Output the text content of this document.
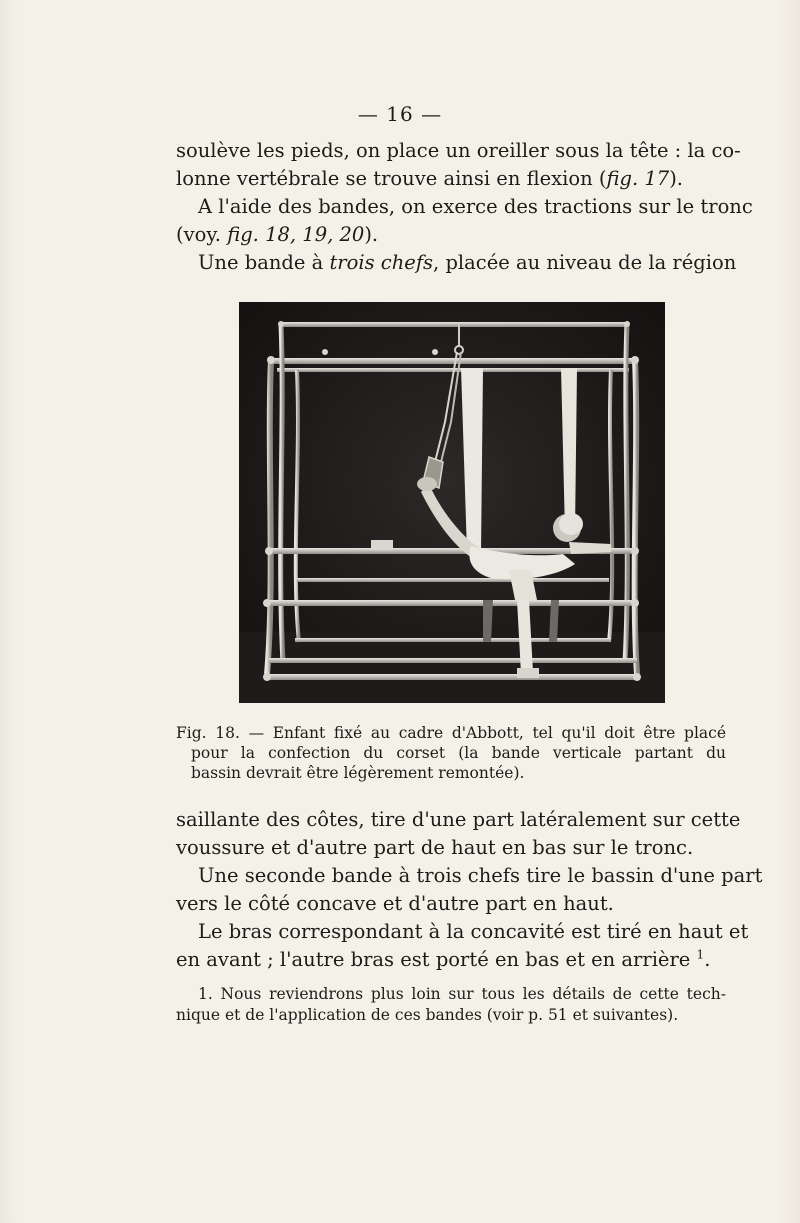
— 16 —
soulève les pieds, on place un oreiller sous la tête : la co-
lonne vertébrale se trouve ainsi en flexion (fig. 17).
A l'aide des bandes, on exerce des tractions sur le tronc
(voy. fig. 18, 19, 20).
Une bande à trois chefs, placée au niveau de la région
Fig. 18. — Enfant fixé au cadre d'Abbott, tel qu'il doit être placé
pour la confection du corset (la bande verticale partant du
bassin devrait être légèrement remontée).
saillante des côtes, tire d'une part latéralement sur cette
voussure et d'autre part de haut en bas sur le tronc.
Une seconde bande à trois chefs tire le bassin d'une part
vers le côté concave et d'autre part en haut.
Le bras correspondant à la concavité est tiré en haut et
en avant ; l'autre bras est porté en bas et en arrière $^1$.
1. Nous reviendrons plus loin sur tous les détails de cette tech-
nique et de l'application de ces bandes (voir p. 51 et suivantes).
